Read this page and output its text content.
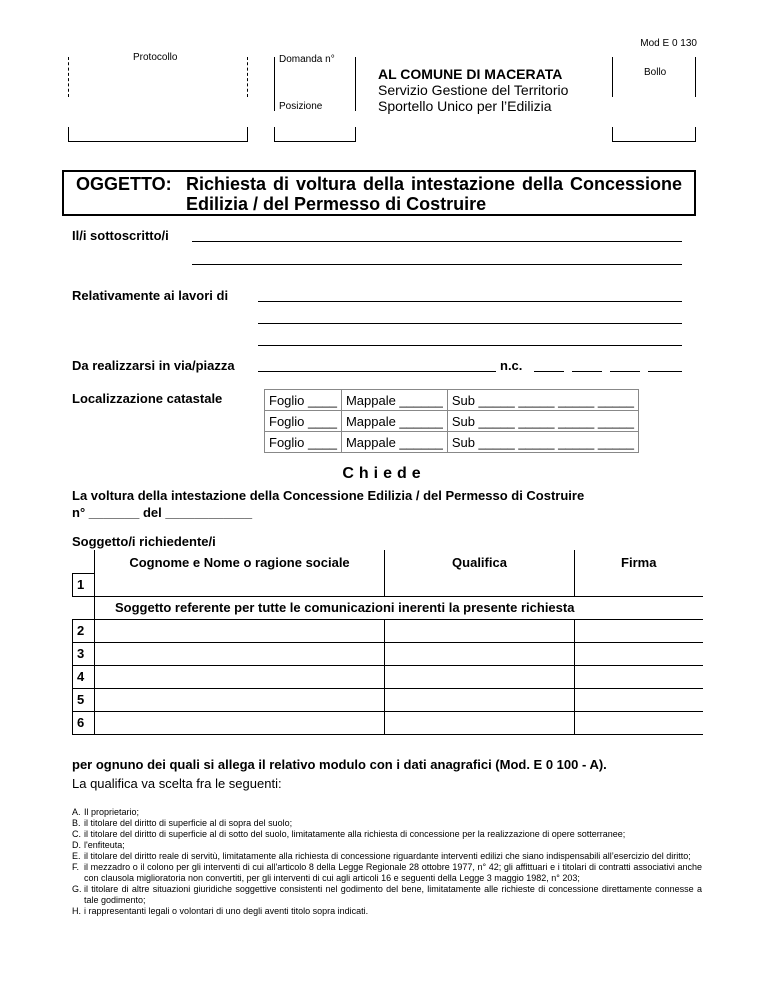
Mod E 0 130
Protocollo	Domanda n°
Posizione
AL COMUNE DI MACERATA
Servizio Gestione del Territorio
Sportello Unico per l’Edilizia
Bollo
OGGETTO: Richiesta di voltura della intestazione della Concessione Edilizia / del Permesso di Costruire
Il/i sottoscritto/i
Relativamente ai lavori di
Da realizzarsi in via/piazza	n.c.
Localizzazione catastale	Foglio ____	Mappale ______	Sub _____ _____ _____ _____
Foglio ____	Mappale ______	Sub _____ _____ _____ _____
Foglio ____	Mappale ______	Sub _____ _____ _____ _____
Chiede
La voltura della intestazione della Concessione Edilizia / del Permesso di Costruire
n° _______ del ____________
Soggetto/i richiedente/i
	Cognome e Nome o ragione sociale	Qualifica	Firma
1			
	Soggetto referente per tutte le comunicazioni inerenti la presente richiesta		
2			
3			
4			
5			
6			
per ognuno dei quali si allega il relativo modulo con i dati anagrafici (Mod. E 0 100 - A).
La qualifica va scelta fra le seguenti:
A. Il proprietario;
B. il titolare del diritto di superficie al di sopra del suolo;
C. il titolare del diritto di superficie al di sotto del suolo, limitatamente alla richiesta di concessione per la realizzazione di opere sotterranee;
D. l'enfiteuta;
E. il titolare del diritto reale di servitù, limitatamente alla richiesta di concessione riguardante interventi edilizi che siano indispensabili all’esercizio del diritto;
F. il mezzadro o il colono per gli interventi di cui all'articolo 8 della Legge Regionale 28 ottobre 1977, n° 42; gli affittuari e i titolari di contratti associativi anche con clausola miglioratoria non convertiti, per gli interventi di cui agli articoli 16 e seguenti della Legge 3 maggio 1982, n° 203;
G. il titolare di altre situazioni giuridiche soggettive consistenti nel godimento del bene, limitatamente alle richieste di concessione direttamente connesse a tale godimento;
H. i rappresentanti legali o volontari di uno degli aventi titolo sopra indicati.
